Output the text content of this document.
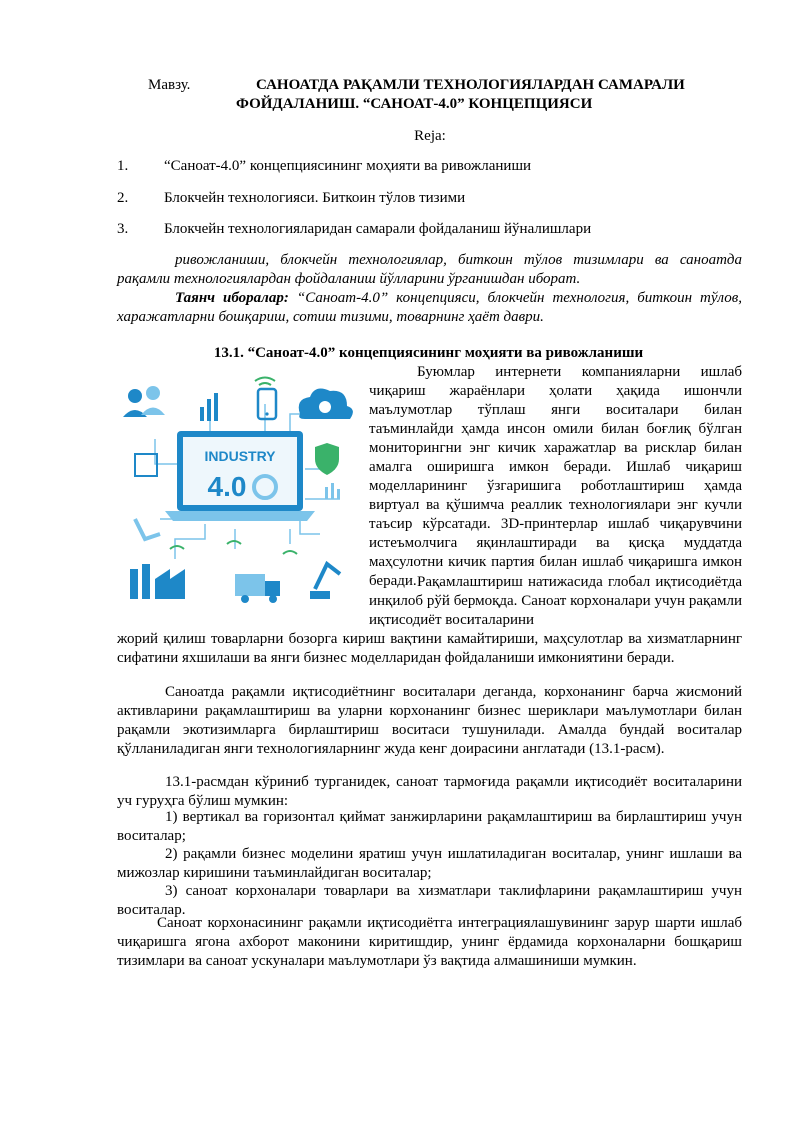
Мавзу.	САНОАТДА РАҚАМЛИ ТЕХНОЛОГИЯЛАРДАН САМАРАЛИ
ФОЙДАЛАНИШ. “САНОАТ-4.0” КОНЦЕПЦИЯСИ
Reja:
1. “Саноат-4.0” концепциясининг моҳияти ва ривожланиши
2. Блокчейн технологияси. Биткоин тўлов тизими
3. Блокчейн технологияларидан самарали фойдаланиш йўналишлари
ривожланиши, блокчейн технологиялар, биткоин тўлов тизимлари ва саноатда рақамли технологиялардан фойдаланиш йўлларини ўрганишдан иборат.
Таянч иборалар: “Саноат-4.0” концепцияси, блокчейн технология, биткоин тўлов, харажатларни бошқариш, сотиш тизими, товарнинг ҳаёт даври.
13.1. “Саноат-4.0” концепциясининг моҳияти ва ривожланиши
INDUSTRY
4.0
Буюмлар интернети компанияларни ишлаб чиқариш жараёнлари ҳолати ҳақида ишончли маълумотлар тўплаш янги воситалари билан таъминлайди ҳамда инсон омили билан боғлиқ бўлган мониторингни энг кичик харажатлар ва рисклар билан амалга оширишга имкон беради. Ишлаб чиқариш моделларининг ўзгаришига роботлаштириш ҳамда виртуал ва қўшимча реаллик технологиялари энг кучли таъсир кўрсатади. 3D-принтерлар ишлаб чиқарувчини истеъмолчига яқинлаштиради ва қисқа муддатда маҳсулотни кичик партия билан ишлаб чиқаришга имкон беради. Рақамлаштириш натижасида глобал иқтисодиётда инқилоб рўй бермоқда. Саноат корхоналари учун рақамли иқтисодиёт воситаларини
жорий қилиш товарларни бозорга кириш вақтини камайтириши, маҳсулотлар ва хизматларнинг сифатини яхшилаши ва янги бизнес моделларидан фойдаланиши имкониятини беради.
Саноатда рақамли иқтисодиётнинг воситалари деганда, корхонанинг барча жисмоний активларини рақамлаштириш ва уларни корхонанинг бизнес шериклари маълумотлари билан рақамли экотизимларга бирлаштириш воситаси тушунилади. Амалда бундай воситалар қўлланиладиган янги технологияларнинг жуда кенг доирасини англатади (13.1-расм).
13.1-расмдан кўриниб турганидек, саноат тармоғида рақамли иқтисодиёт воситаларини уч гуруҳга бўлиш мумкин:
1) вертикал ва горизонтал қиймат занжирларини рақамлаштириш ва бирлаштириш учун воситалар;
2) рақамли бизнес моделини яратиш учун ишлатиладиган воситалар, унинг ишлаши ва мижозлар киришини таъминлайдиган воситалар;
3) саноат корхоналари товарлари ва хизматлари таклифларини рақамлаштириш учун воситалар.
Саноат корхонасининг рақамли иқтисодиётга интеграциялашувининг зарур шарти ишлаб чиқаришга ягона ахборот маконини киритишдир, унинг ёрдамида корхоналарни бошқариш тизимлари ва саноат ускуналари маълумотлари ўз вақтида алмашиниши мумкин.
